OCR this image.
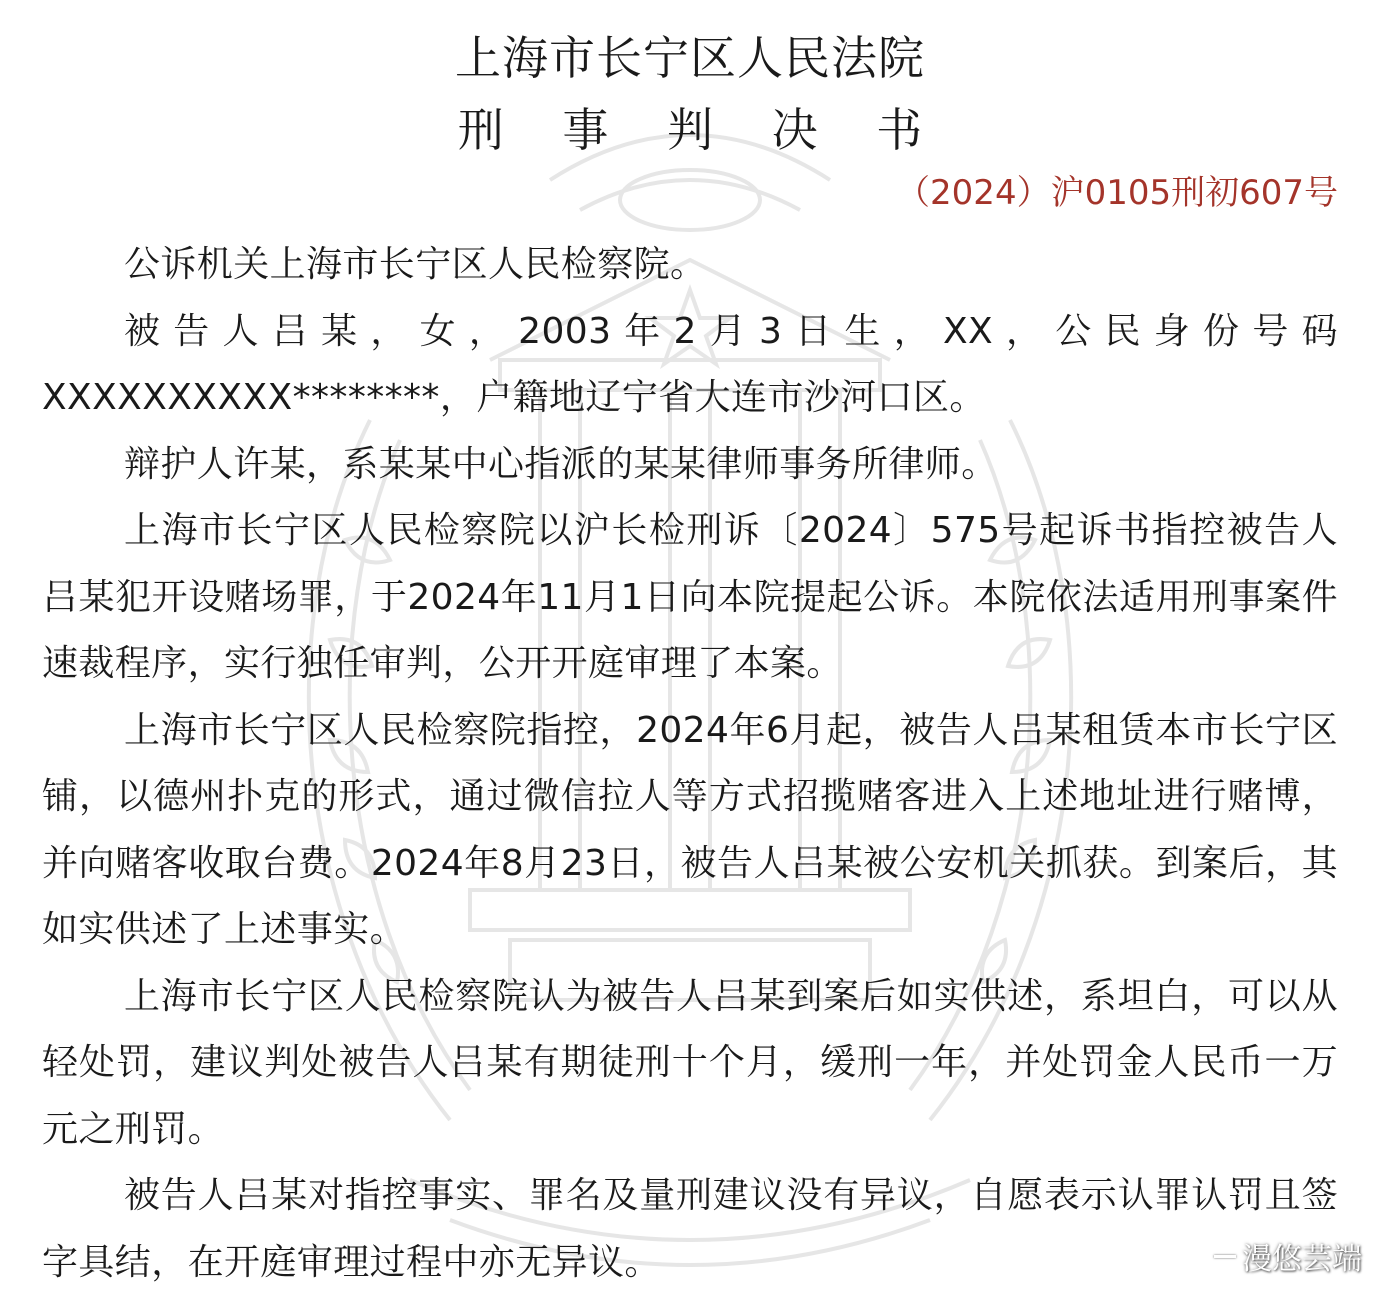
上海市长宁区人民法院
刑 事 判 决 书
（2024）沪0105刑初607号

公诉机关上海市长宁区人民检察院。

被告人吕某，女，2003年2月3日生，XX，公民身份号码XXXXXXXXXX********，户籍地辽宁省大连市沙河口区。

辩护人许某，系某某中心指派的某某律师事务所律师。

上海市长宁区人民检察院以沪长检刑诉〔2024〕575号起诉书指控被告人吕某犯开设赌场罪，于2024年11月1日向本院提起公诉。本院依法适用刑事案件速裁程序，实行独任审判，公开开庭审理了本案。

上海市长宁区人民检察院指控，2024年6月起，被告人吕某租赁本市长宁区铺，以德州扑克的形式，通过微信拉人等方式招揽赌客进入上述地址进行赌博，并向赌客收取台费。2024年8月23日，被告人吕某被公安机关抓获。到案后，其如实供述了上述事实。

上海市长宁区人民检察院认为被告人吕某到案后如实供述，系坦白，可以从轻处罚，建议判处被告人吕某有期徒刑十个月，缓刑一年，并处罚金人民币一万元之刑罚。

被告人吕某对指控事实、罪名及量刑建议没有异议，自愿表示认罪认罚且签字具结，在开庭审理过程中亦无异议。	漫悠芸端
